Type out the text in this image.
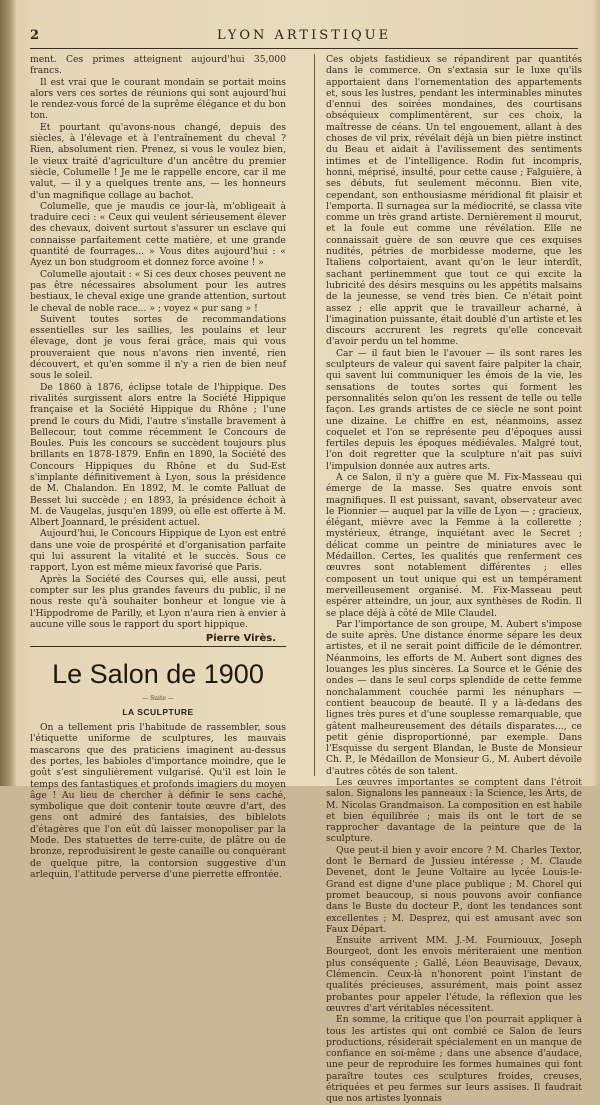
2	LYON ARTISTIQUE

ment. Ces primes atteignent aujourd'hui 35,000 francs.

Il est vrai que le courant mondain se portait moins alors vers ces sortes de réunions qui sont aujourd'hui le rendez-vous forcé de la suprême élégance et du bon ton.

Et pourtant qu'avons-nous changé, depuis des siècles, à l'élevage et à l'entraînement du cheval ? Rien, absolument rien. Prenez, si vous le voulez bien, le vieux traité d'agriculture d'un ancêtre du premier siècle, Columelle ! Je me le rappelle encore, car il me valut, — il y a quelques trente ans, — les honneurs d'un magnifique collage au bachot.

Columelle, que je maudis ce jour-là, m'obligeait à traduire ceci : « Ceux qui veulent sérieusement élever des chevaux, doivent surtout s'assurer un esclave qui connaisse parfaitement cette matière, et une grande quantité de fourrages... » Vous dites aujourd'hui : « Ayez un bon studgroom et donnez force avoine ! »

Columelle ajoutait : « Si ces deux choses peuvent ne pas être nécessaires absolument pour les autres bestiaux, le cheval exige une grande attention, surtout le cheval de noble race... » ; voyez « pur sang » !

Suivent toutes sortes de recommandations essentielles sur les saillies, les poulains et leur élevage, dont je vous ferai grâce, mais qui vous prouveraient que nous n'avons rien inventé, rien découvert, et qu'en somme il n'y a rien de bien neuf sous le soleil.

De 1860 à 1876, éclipse totale de l'hippique. Des rivalités surgissent alors entre la Société Hippique française et la Société Hippique du Rhône ; l'une prend le cours du Midi, l'autre s'installe bravement à Bellecour, tout comme récemment le Concours de Boules. Puis les concours se succèdent toujours plus brillants en 1878-1879. Enfin en 1890, la Société des Concours Hippiques du Rhône et du Sud-Est s'implante définitivement à Lyon, sous la présidence de M. Chalandon. En 1892, M. le comte Palluat de Besset lui succède ; en 1893, la présidence échoit à M. de Vaugelas, jusqu'en 1899, où elle est offerte à M. Albert Joannard, le président actuel.

Aujourd'hui, le Concours Hippique de Lyon est entré dans une voie de prospérité et d'organisation parfaite qui lui assurent la vitalité et le succès. Sous ce rapport, Lyon est même mieux favorisé que Paris.

Après la Société des Courses qui, elle aussi, peut compter sur les plus grandes faveurs du public, il ne nous reste qu'à souhaiter bonheur et longue vie à l'Hippodrome de Parilly, et Lyon n'aura rien à envier à aucune ville sous le rapport du sport hippique.

Pierre Virès.
Le Salon de 1900
— Suite —
LA SCULPTURE

On a tellement pris l'habitude de rassembler, sous l'étiquette uniforme de sculptures, les mauvais mascarons que des praticiens imaginent au-dessus des portes, les babioles d'importance moindre, que le goût s'est singulièrement vulgarisé. Qu'il est loin le temps des fantastiques et profonds imagiers du moyen âge ! Au lieu de chercher à définir le sens caché, symbolique que doit contenir toute œuvre d'art, des gens ont admiré des fantaisies, des biblelots d'étagères que l'on eût dû laisser monopoliser par la Mode. Des statuettes de terre-cuite, de plâtre ou de bronze, reproduisirent le geste canaille ou conquérant de quelque pitre, la contorsion suggestive d'un arlequin, l'attitude perverse d'une pierrette effrontée.

Ces objets fastidieux se répandirent par quantités dans le commerce. On s'extasia sur le luxe qu'ils apportaient dans l'ornementation des appartements et, sous les lustres, pendant les interminables minutes d'ennui des soirées mondaines, des courtisans obséquieux complimentèrent, sur ces choix, la maîtresse de céans. Un tel engouement, allant à des choses de vil prix, révélait déjà un bien piètre instinct du Beau et aidait à l'avilissement des sentiments intimes et de l'intelligence. Rodin fut incompris, honni, méprisé, insulté, pour cette cause ; Falguière, à ses débuts, fut seulement méconnu. Bien vite, cependant, son enthousiasme méridional fit plaisir et l'emporta. Il surnagea sur la médiocrité, se classa vite comme un très grand artiste. Dernièrement il mourut, et la foule eut comme une révélation. Elle ne connaissait guère de son œuvre que ces exquises nudités, pétries de morbidesse moderne, que les Italiens colportaient, avant qu'on le leur interdît, sachant pertinemment que tout ce qui excite la lubricité des désirs mesquins ou les appétits malsains de la jeunesse, se vend très bien. Ce n'était point assez ; elle apprit que le travailleur acharné, à l'imagination puissante, était doublé d'un artiste et les discours accrurent les regrets qu'elle concevait d'avoir perdu un tel homme.

Car — il faut bien le l'avouer — ils sont rares les sculpteurs de valeur qui savent faire palpiter la chair, qui savent lui communiquer les émois de la vie, les sensations de toutes sortes qui forment les personnalités selon qu'on les ressent de telle ou telle façon. Les grands artistes de ce siècle ne sont point une dizaine. Le chiffre en est, néanmoins, assez coquelet et l'on se représente peu d'époques aussi fertiles depuis les époques médiévales. Malgré tout, l'on doit regretter que la sculpture n'ait pas suivi l'impulsion donnée aux autres arts.

A ce Salon, il n'y a guère que M. Fix-Masseau qui émerge de la masse. Ses quatre envois sont magnifiques. Il est puissant, savant, observateur avec le Pionnier — auquel par la ville de Lyon — ; gracieux, élégant, mièvre avec la Femme à la collerette ; mystérieux, étrange, inquiétant avec le Secret ; délicat comme un peintre de miniatures avec le Médaillon. Certes, les qualités que renferment ces œuvres sont notablement différentes ; elles composent un tout unique qui est un tempérament merveilleusement organisé. M. Fix-Masseau peut espérer atteindre, un jour, aux synthèses de Rodin. Il se place déjà à côté de Mlle Claudel.

Par l'importance de son groupe, M. Aubert s'impose de suite après. Une distance énorme sépare les deux artistes, et il ne serait point difficile de le démontrer. Néanmoins, les efforts de M. Aubert sont dignes des louanges les plus sincères. La Source et le Génie des ondes — dans le seul corps splendide de cette femme nonchalamment couchée parmi les nénuphars — contient beaucoup de beauté. Il y a là-dedans des lignes très pures et d'une souplesse remarquable, que gâtent malheureusement des détails disparates..., ce petit génie disproportionné, par exemple. Dans l'Esquisse du sergent Blandan, le Buste de Monsieur Ch. P., le Médaillon de Monsieur G., M. Aubert dévoile d'autres côtés de son talent.

Les œuvres importantes se comptent dans l'étroit salon. Signalons les panneaux : la Science, les Arts, de M. Nicolas Grandmaison. La composition en est habile et bien équilibrée ; mais ils ont le tort de se rapprocher davantage de la peinture que de la sculpture.

Que peut-il bien y avoir encore ? M. Charles Textor, dont le Bernard de Jussieu intéresse ; M. Claude Devenet, dont le Jeune Voltaire au lycée Louis-le-Grand est digne d'une place publique ; M. Chorel qui promet beaucoup, si nous pouvons avoir confiance dans le Buste du docteur P., dont les tendances sont excellentes ; M. Desprez, qui est amusant avec son Faux Départ.

Ensuite arrivent MM. J.-M. Fourniouux, Joseph Bourgeot, dont les envois mériteraient une mention plus conséquente ; Gallé, Léon Beauvisage, Devaux, Clémencin. Ceux-là n'honorent point l'instant de qualités précieuses, assurément, mais point assez probantes pour appeler l'étude, la réflexion que les œuvres d'art véritables nécessitent.

En somme, la critique que l'on pourrait appliquer à tous les artistes qui ont combié ce Salon de leurs productions, résiderait spécialement en un manque de confiance en soi-même ; dans une absence d'audace, une peur de reproduire les formes humaines qui font paraître toutes ces sculptures froides, creuses, étriquées et peu fermes sur leurs assises. Il faudrait que nos artistes lyonnais
